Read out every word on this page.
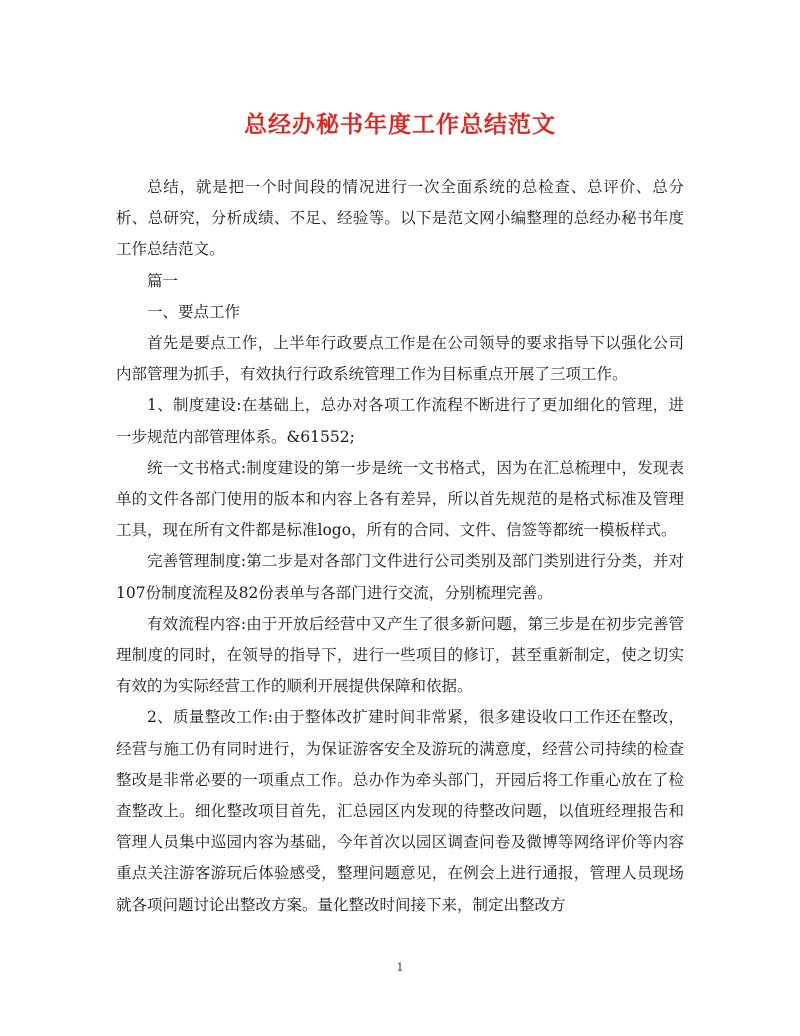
总经办秘书年度工作总结范文

总结，就是把一个时间段的情况进行一次全面系统的总检查、总评价、总分析、总研究，分析成绩、不足、经验等。以下是范文网小编整理的总经办秘书年度工作总结范文。

篇一

一、要点工作

首先是要点工作，上半年行政要点工作是在公司领导的要求指导下以强化公司内部管理为抓手，有效执行行政系统管理工作为目标重点开展了三项工作。

1、制度建设:在基础上，总办对各项工作流程不断进行了更加细化的管理，进一步规范内部管理体系。&61552;

统一文书格式:制度建设的第一步是统一文书格式，因为在汇总梳理中，发现表单的文件各部门使用的版本和内容上各有差异，所以首先规范的是格式标准及管理工具，现在所有文件都是标准logo，所有的合同、文件、信签等都统一模板样式。

完善管理制度:第二步是对各部门文件进行公司类别及部门类别进行分类，并对107份制度流程及82份表单与各部门进行交流，分别梳理完善。

有效流程内容:由于开放后经营中又产生了很多新问题，第三步是在初步完善管理制度的同时，在领导的指导下，进行一些项目的修订，甚至重新制定，使之切实有效的为实际经营工作的顺利开展提供保障和依据。

2、质量整改工作:由于整体改扩建时间非常紧，很多建设收口工作还在整改，经营与施工仍有同时进行，为保证游客安全及游玩的满意度，经营公司持续的检查整改是非常必要的一项重点工作。总办作为牵头部门，开园后将工作重心放在了检查整改上。细化整改项目首先，汇总园区内发现的待整改问题，以值班经理报告和管理人员集中巡园内容为基础，今年首次以园区调查问卷及微博等网络评价等内容重点关注游客游玩后体验感受，整理问题意见，在例会上进行通报，管理人员现场就各项问题讨论出整改方案。量化整改时间接下来，制定出整改方

1
